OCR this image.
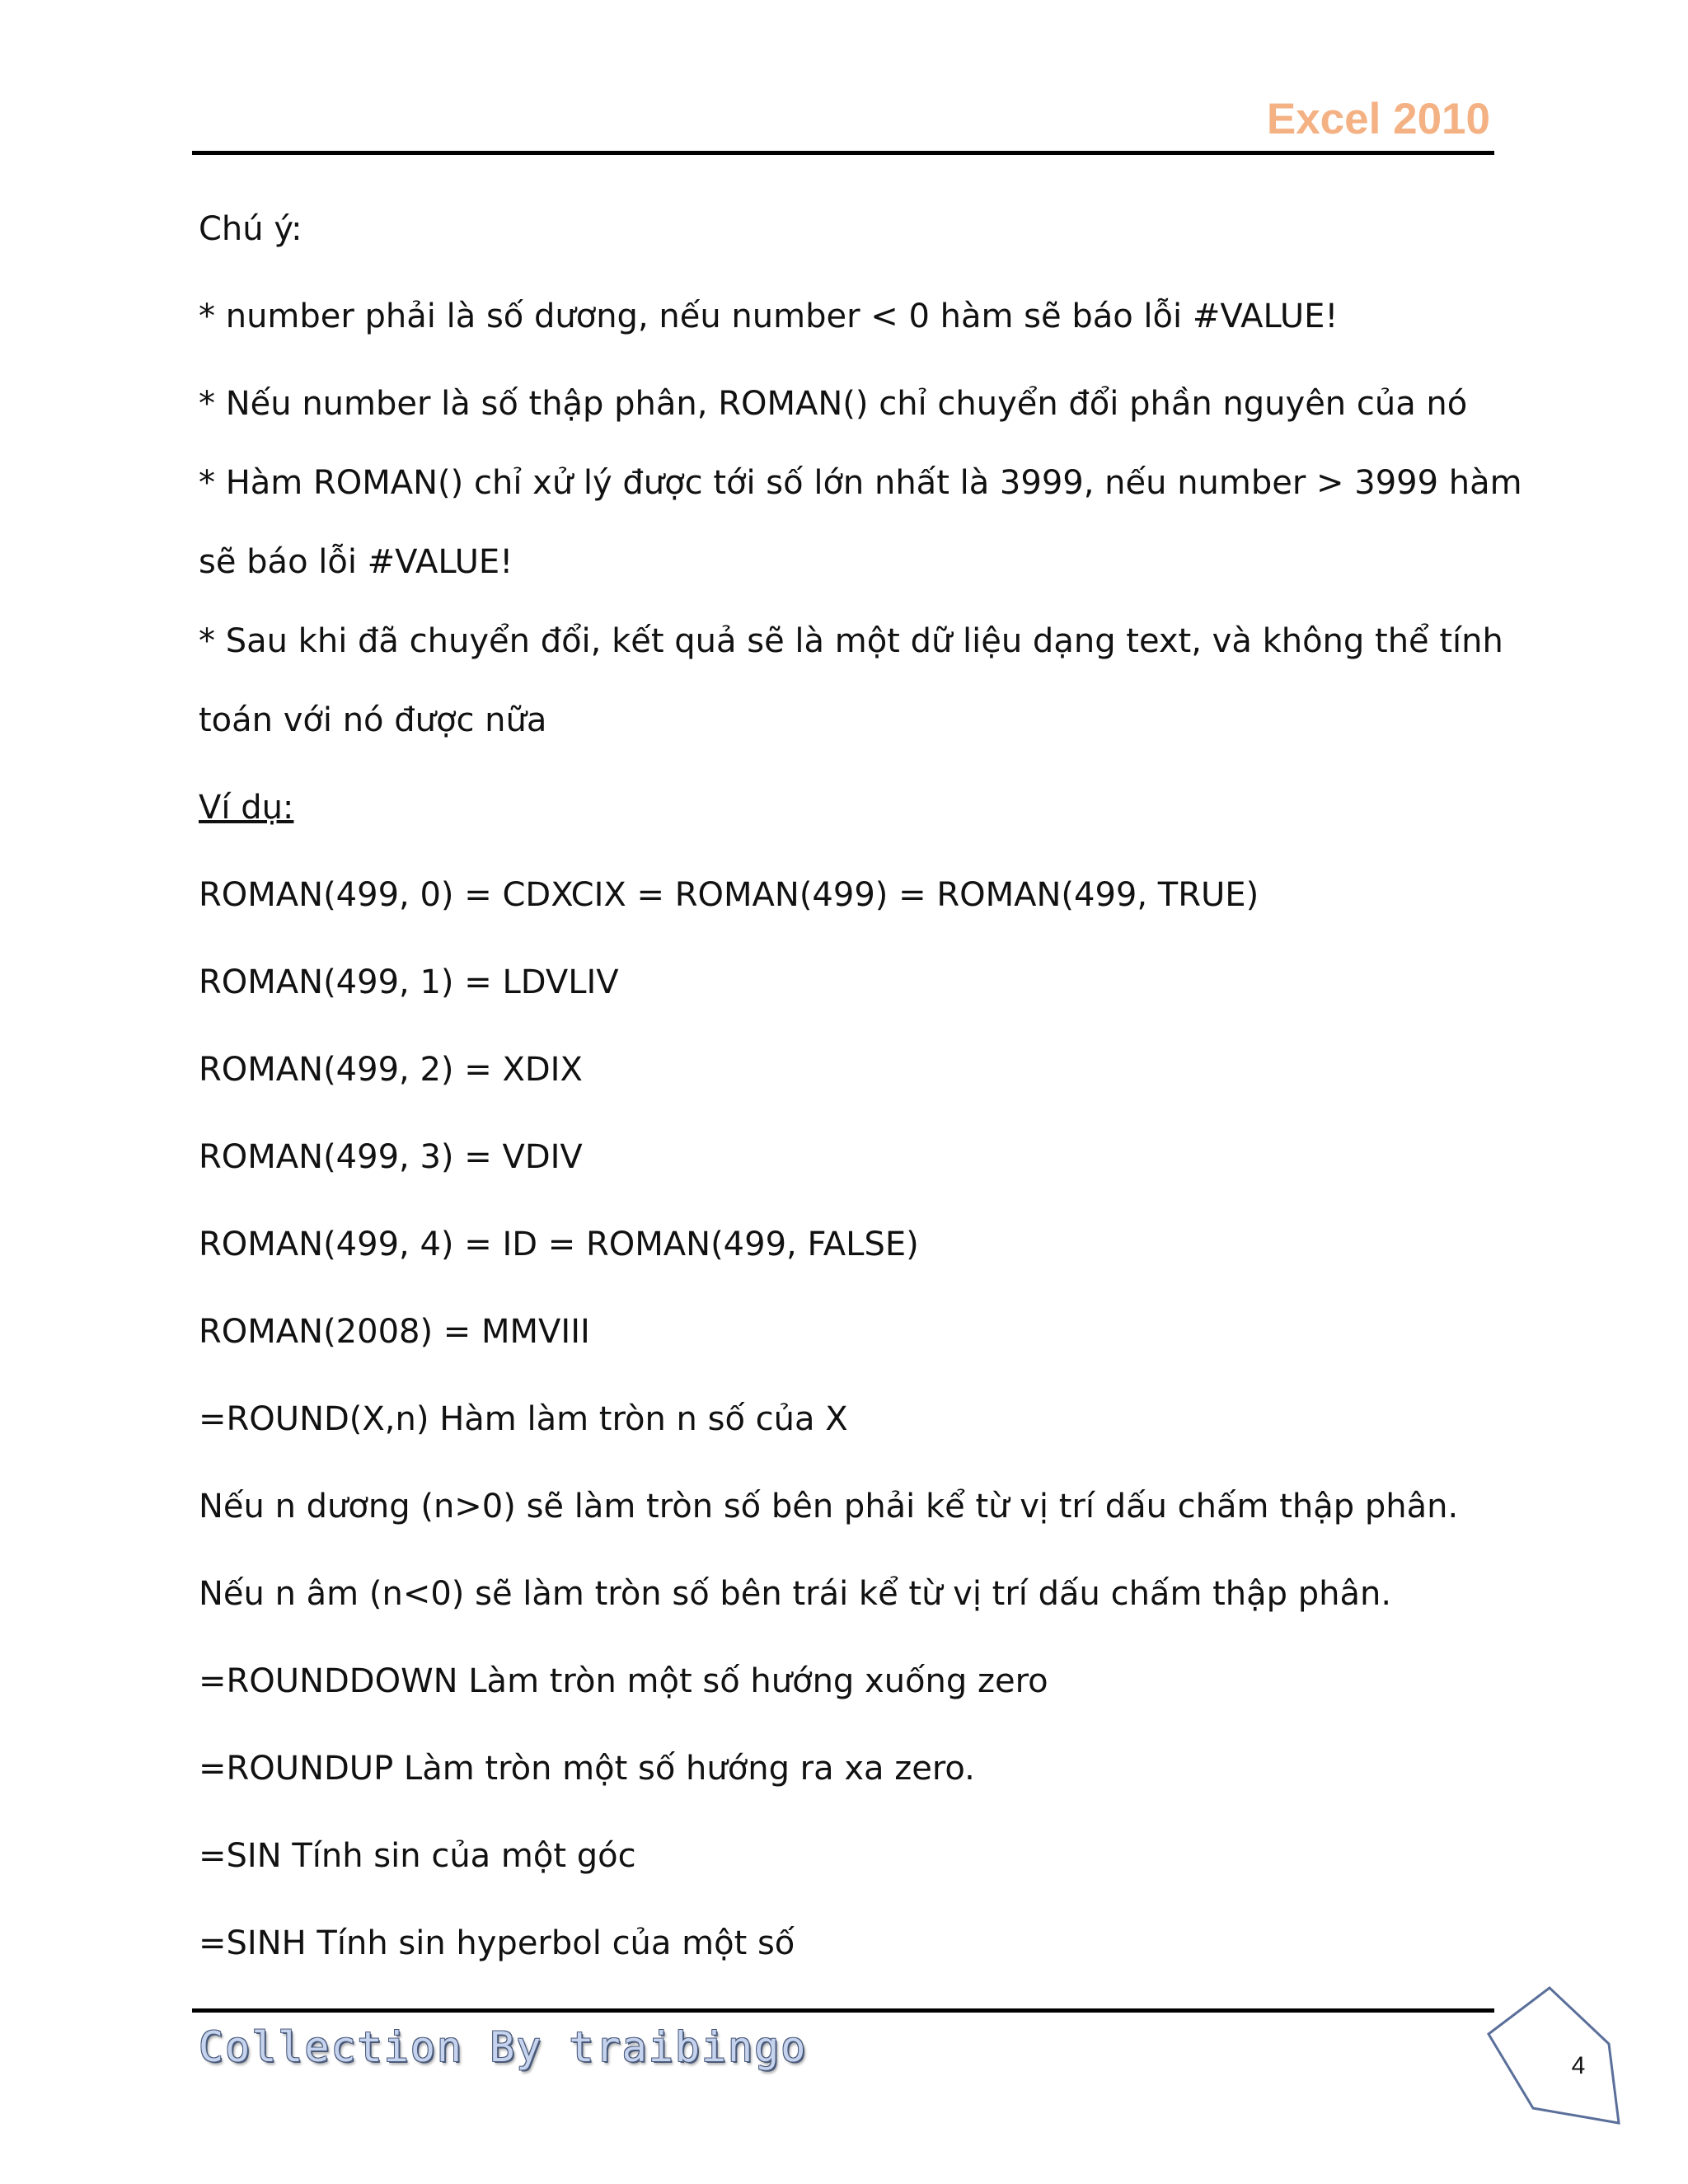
Excel 2010
Chú ý:
* number phải là số dương, nếu number < 0 hàm sẽ báo lỗi #VALUE!
* Nếu number là số thập phân, ROMAN() chỉ chuyển đổi phần nguyên của nó
* Hàm ROMAN() chỉ xử lý được tới số lớn nhất là 3999, nếu number > 3999 hàm
sẽ báo lỗi #VALUE!
* Sau khi đã chuyển đổi, kết quả sẽ là một dữ liệu dạng text, và không thể tính
toán với nó được nữa
Ví dụ:
ROMAN(499, 0) = CDXCIX = ROMAN(499) = ROMAN(499, TRUE)
ROMAN(499, 1) = LDVLIV
ROMAN(499, 2) = XDIX
ROMAN(499, 3) = VDIV
ROMAN(499, 4) = ID = ROMAN(499, FALSE)
ROMAN(2008) = MMVIII
=ROUND(X,n) Hàm làm tròn n số của X
Nếu n dương (n>0) sẽ làm tròn số bên phải kể từ vị trí dấu chấm thập phân.
Nếu n âm (n<0) sẽ làm tròn số bên trái kể từ vị trí dấu chấm thập phân.
=ROUNDDOWN Làm tròn một số hướng xuống zero
=ROUNDUP Làm tròn một số hướng ra xa zero.
=SIN Tính sin của một góc
=SINH Tính sin hyperbol của một số
Collection By traibingo	4
